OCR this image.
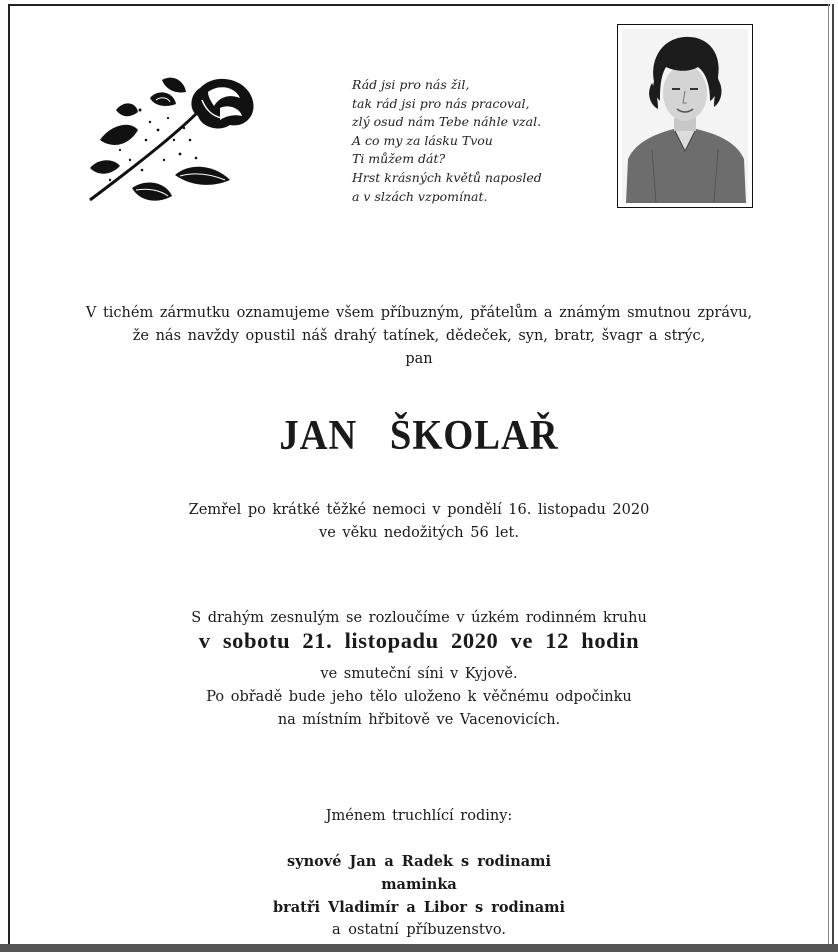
Rád jsi pro nás žil,
tak rád jsi pro nás pracoval,
zlý osud nám Tebe náhle vzal.
A co my za lásku Tvou
Ti můžem dát?
Hrst krásných květů naposled
a v slzách vzpomínat.
V tichém zármutku oznamujeme všem příbuzným, přátelům a známým smutnou zprávu,
že nás navždy opustil náš drahý tatínek, dědeček, syn, bratr, švagr a strýc,
pan
JAN ŠKOLAŘ
Zemřel po krátké těžké nemoci v pondělí 16. listopadu 2020
ve věku nedožitých 56 let.
S drahým zesnulým se rozloučíme v úzkém rodinném kruhu
v sobotu 21. listopadu 2020 ve 12 hodin
ve smuteční síni v Kyjově.
Po obřadě bude jeho tělo uloženo k věčnému odpočinku
na místním hřbitově ve Vacenovicích.
Jménem truchlící rodiny:
synové Jan a Radek s rodinami
maminka
bratři Vladimír a Libor s rodinami
a ostatní příbuzenstvo.
